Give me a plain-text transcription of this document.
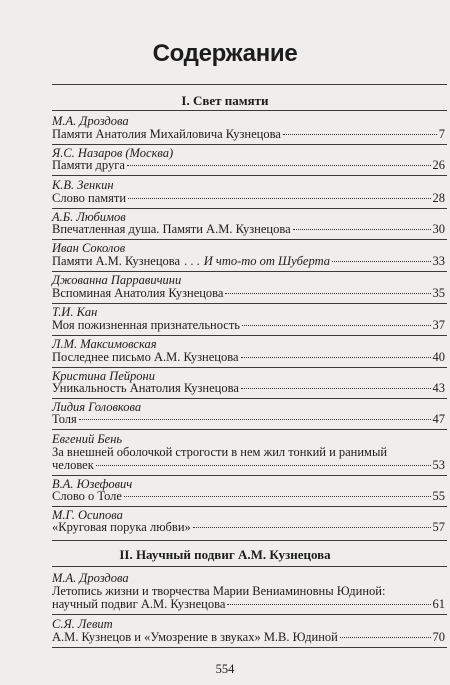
Содержание
I. Свет памяти
М.А. Дроздова
Памяти Анатолия Михайловича Кузнецова	7
Я.С. Назаров (Москва)
Памяти друга	26
К.В. Зенкин
Слово памяти	28
А.Б. Любимов
Впечатленная душа. Памяти А.М. Кузнецова	30
Иван Соколов
Памяти А.М. Кузнецова . . . И что-то от Шуберта	33
Джованна Парравичини
Вспоминая Анатолия Кузнецова	35
Т.И. Кан
Моя пожизненная признательность	37
Л.М. Максимовская
Последнее письмо А.М. Кузнецова	40
Кристина Пейрони
Уникальность Анатолия Кузнецова	43
Лидия Головкова
Толя	47
Евгений Бень
За внешней оболочкой строгости в нем жил тонкий и ранимый
человек	53
В.А. Юзефович
Слово о Толе	55
М.Г. Осипова
«Круговая порука любви»	57
II. Научный подвиг А.М. Кузнецова
М.А. Дроздова
Летопись жизни и творчества Марии Вениаминовны Юдиной:
научный подвиг А.М. Кузнецова	61
С.Я. Левит
А.М. Кузнецов и «Умозрение в звуках» М.В. Юдиной	70
554
